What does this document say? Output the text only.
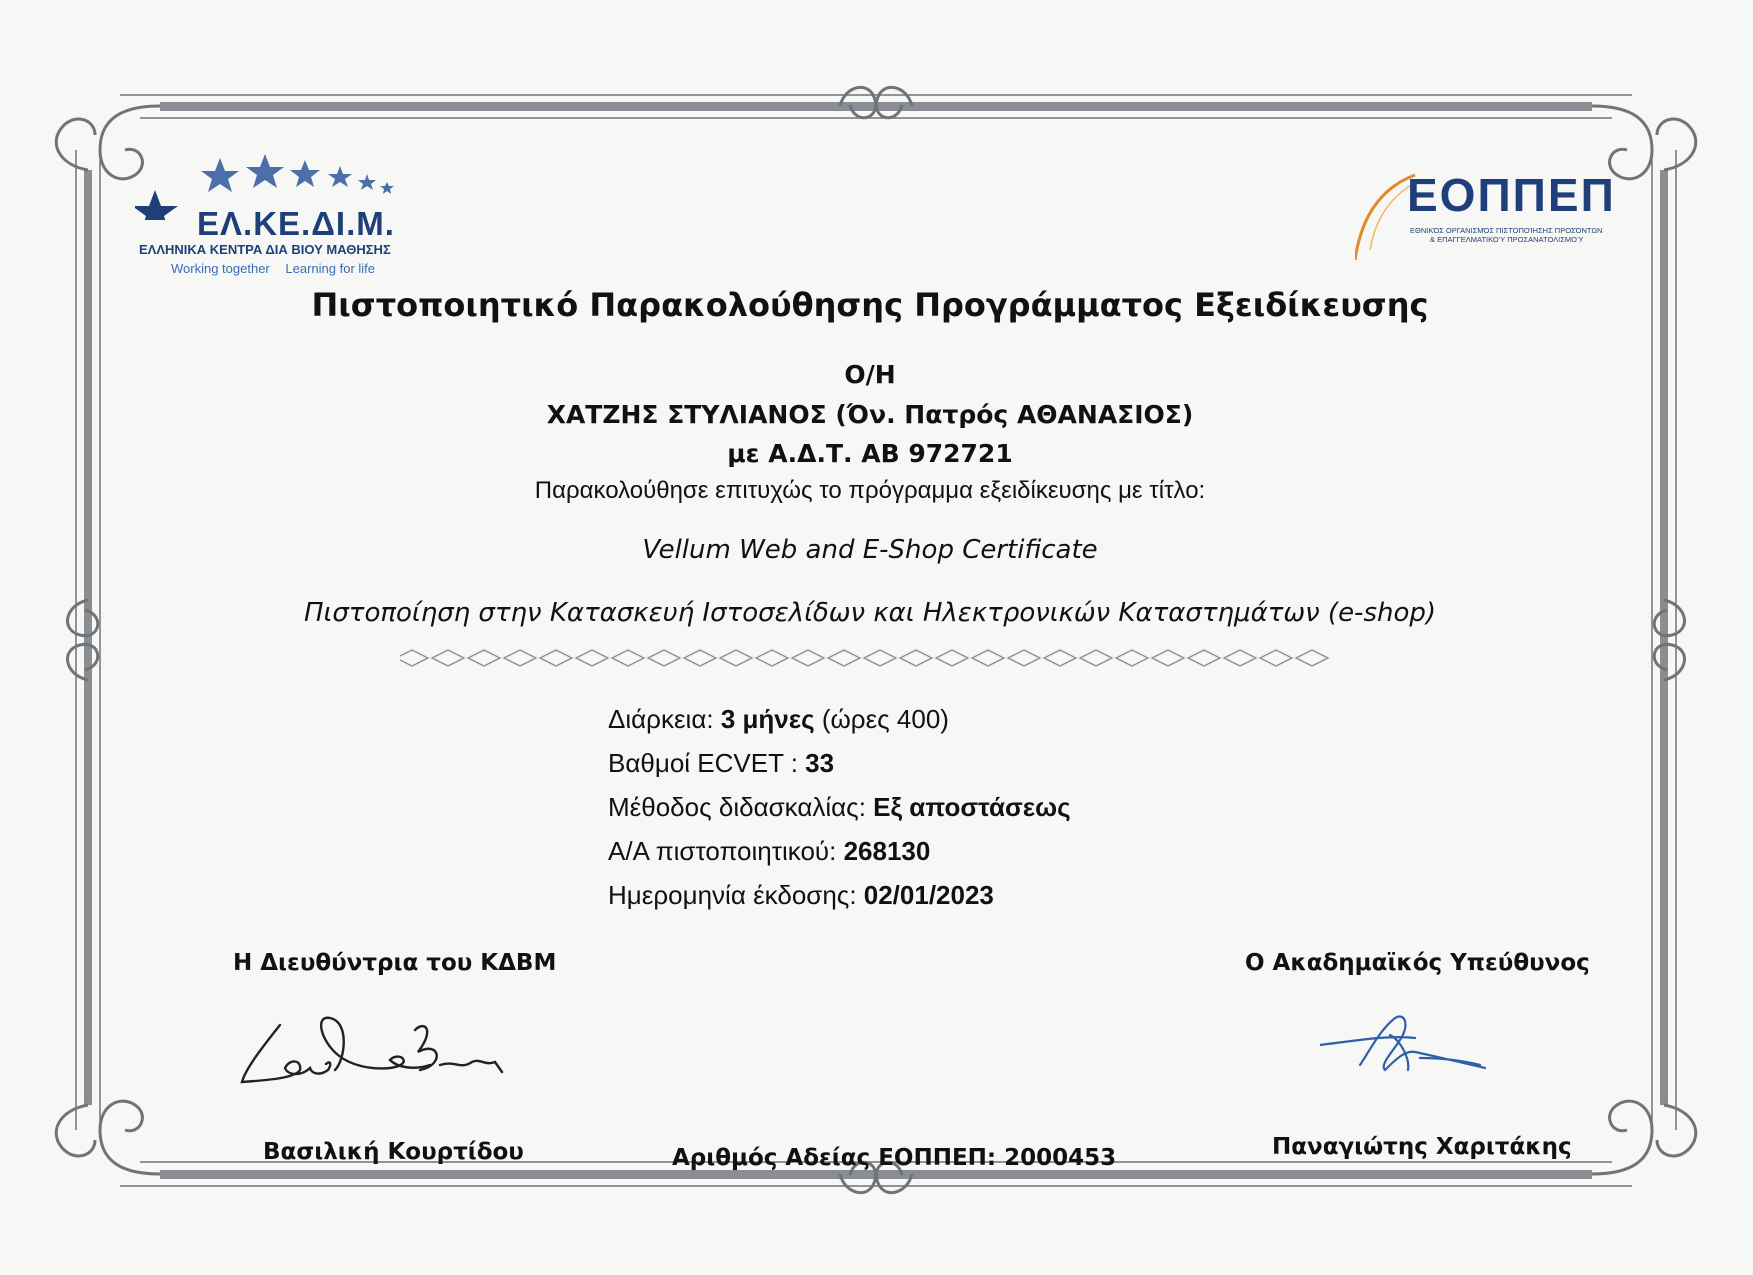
ΕΛ.ΚΕ.ΔΙ.Μ.
ΕΛΛΗΝΙΚΑ ΚΕΝΤΡΑ ΔΙΑ ΒΙΟΥ ΜΑΘΗΣΗΣ
Working together Learning for life
ΕΟΠΠΕΠ
ΕΘΝΙΚΌΣ ΟΡΓΑΝΙΣΜΌΣ ΠΙΣΤΟΠΟΊΗΣΗΣ ΠΡΟΣΌΝΤΩΝ
& ΕΠΑΓΓΕΛΜΑΤΙΚΟΎ ΠΡΟΣΑΝΑΤΟΛΙΣΜΟΎ
Πιστοποιητικό Παρακολούθησης Προγράμματος Εξειδίκευσης
Ο/Η
ΧΑΤΖΗΣ ΣΤΥΛΙΑΝΟΣ (Όν. Πατρός ΑΘΑΝΑΣΙΟΣ)
με Α.Δ.Τ. ΑΒ 972721
Παρακολούθησε επιτυχώς το πρόγραμμα εξειδίκευσης με τίτλο:
Vellum Web and E-Shop Certificate
Πιστοποίηση στην Κατασκευή Ιστοσελίδων και Ηλεκτρονικών Καταστημάτων (e-shop)
Διάρκεια: 3 μήνες (ώρες 400)
Βαθμοί ECVET : 33
Μέθοδος διδασκαλίας: Εξ αποστάσεως
Α/Α πιστοποιητικού: 268130
Ημερομηνία έκδοσης: 02/01/2023
Η Διευθύντρια του ΚΔΒΜ	Ο Ακαδημαϊκός Υπεύθυνος
Βασιλική Κουρτίδου	Παναγιώτης Χαριτάκης
Αριθμός Αδείας ΕΟΠΠΕΠ: 2000453
